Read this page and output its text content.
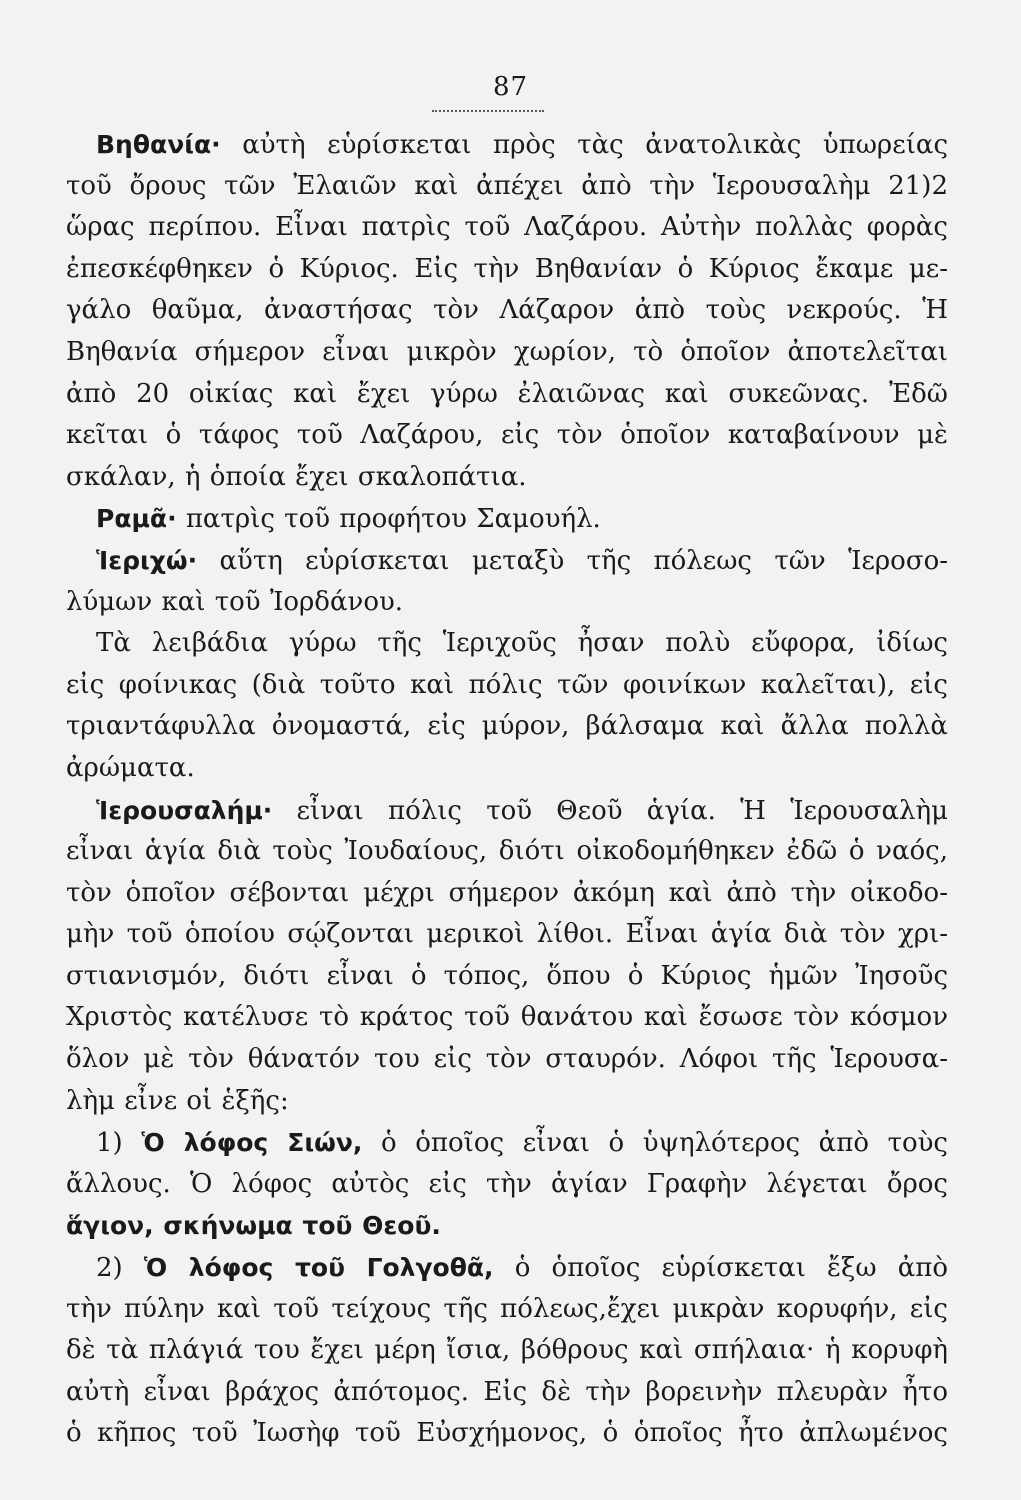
87
Βηθανία· αὐτὴ εὑρίσκεται πρὸς τὰς ἀνατολικὰς ὑπωρείας
τοῦ ὄρους τῶν Ἐλαιῶν καὶ ἀπέχει ἀπὸ τὴν Ἱερουσαλὴμ 21)2
ὥρας περίπου. Εἶναι πατρὶς τοῦ Λαζάρου. Αὐτὴν πολλὰς φορὰς
ἐπεσκέφθηκεν ὁ Κύριος. Εἰς τὴν Βηθανίαν ὁ Κύριος ἔκαμε με-
γάλο θαῦμα, ἀναστήσας τὸν Λάζαρον ἀπὸ τοὺς νεκρούς. Ἡ
Βηθανία σήμερον εἶναι μικρὸν χωρίον, τὸ ὁποῖον ἀποτελεῖται
ἀπὸ 20 οἰκίας καὶ ἔχει γύρω ἐλαιῶνας καὶ συκεῶνας. Ἐδῶ
κεῖται ὁ τάφος τοῦ Λαζάρου, εἰς τὸν ὁποῖον καταβαίνουν μὲ
σκάλαν, ἡ ὁποία ἔχει σκαλοπάτια.
Ραμᾶ· πατρὶς τοῦ προφήτου Σαμουήλ.
Ἱεριχώ· αὕτη εὑρίσκεται μεταξὺ τῆς πόλεως τῶν Ἱεροσο-
λύμων καὶ τοῦ Ἰορδάνου.
Τὰ λειβάδια γύρω τῆς Ἱεριχοῦς ἦσαν πολὺ εὔφορα, ἰδίως
εἰς φοίνικας (διὰ τοῦτο καὶ πόλις τῶν φοινίκων καλεῖται), εἰς
τριαντάφυλλα ὀνομαστά, εἰς μύρον, βάλσαμα καὶ ἄλλα πολλὰ
ἀρώματα.
Ἱερουσαλήμ· εἶναι πόλις τοῦ Θεοῦ ἁγία. Ἡ Ἱερουσαλὴμ
εἶναι ἁγία διὰ τοὺς Ἰουδαίους, διότι οἰκοδομήθηκεν ἐδῶ ὁ ναός,
τὸν ὁποῖον σέβονται μέχρι σήμερον ἀκόμη καὶ ἀπὸ τὴν οἰκοδο-
μὴν τοῦ ὁποίου σῴζονται μερικοὶ λίθοι. Εἶναι ἁγία διὰ τὸν χρι-
στιανισμόν, διότι εἶναι ὁ τόπος, ὅπου ὁ Κύριος ἡμῶν Ἰησοῦς
Χριστὸς κατέλυσε τὸ κράτος τοῦ θανάτου καὶ ἔσωσε τὸν κόσμον
ὅλον μὲ τὸν θάνατόν του εἰς τὸν σταυρόν. Λόφοι τῆς Ἱερουσα-
λὴμ εἶνε οἱ ἑξῆς:
1) Ὁ λόφος Σιών, ὁ ὁποῖος εἶναι ὁ ὑψηλότερος ἀπὸ τοὺς
ἄλλους. Ὁ λόφος αὐτὸς εἰς τὴν ἁγίαν Γραφὴν λέγεται ὄρος
ἅγιον, σκήνωμα τοῦ Θεοῦ.
2) Ὁ λόφος τοῦ Γολγοθᾶ, ὁ ὁποῖος εὑρίσκεται ἔξω ἀπὸ
τὴν πύλην καὶ τοῦ τείχους τῆς πόλεως,ἔχει μικρὰν κορυφήν, εἰς
δὲ τὰ πλάγιά του ἔχει μέρη ἴσια, βόθρους καὶ σπήλαια· ἡ κορυφὴ
αὐτὴ εἶναι βράχος ἀπότομος. Εἰς δὲ τὴν βορεινὴν πλευρὰν ἦτο
ὁ κῆπος τοῦ Ἰωσὴφ τοῦ Εὐσχήμονος, ὁ ὁποῖος ἦτο ἀπλωμένος
